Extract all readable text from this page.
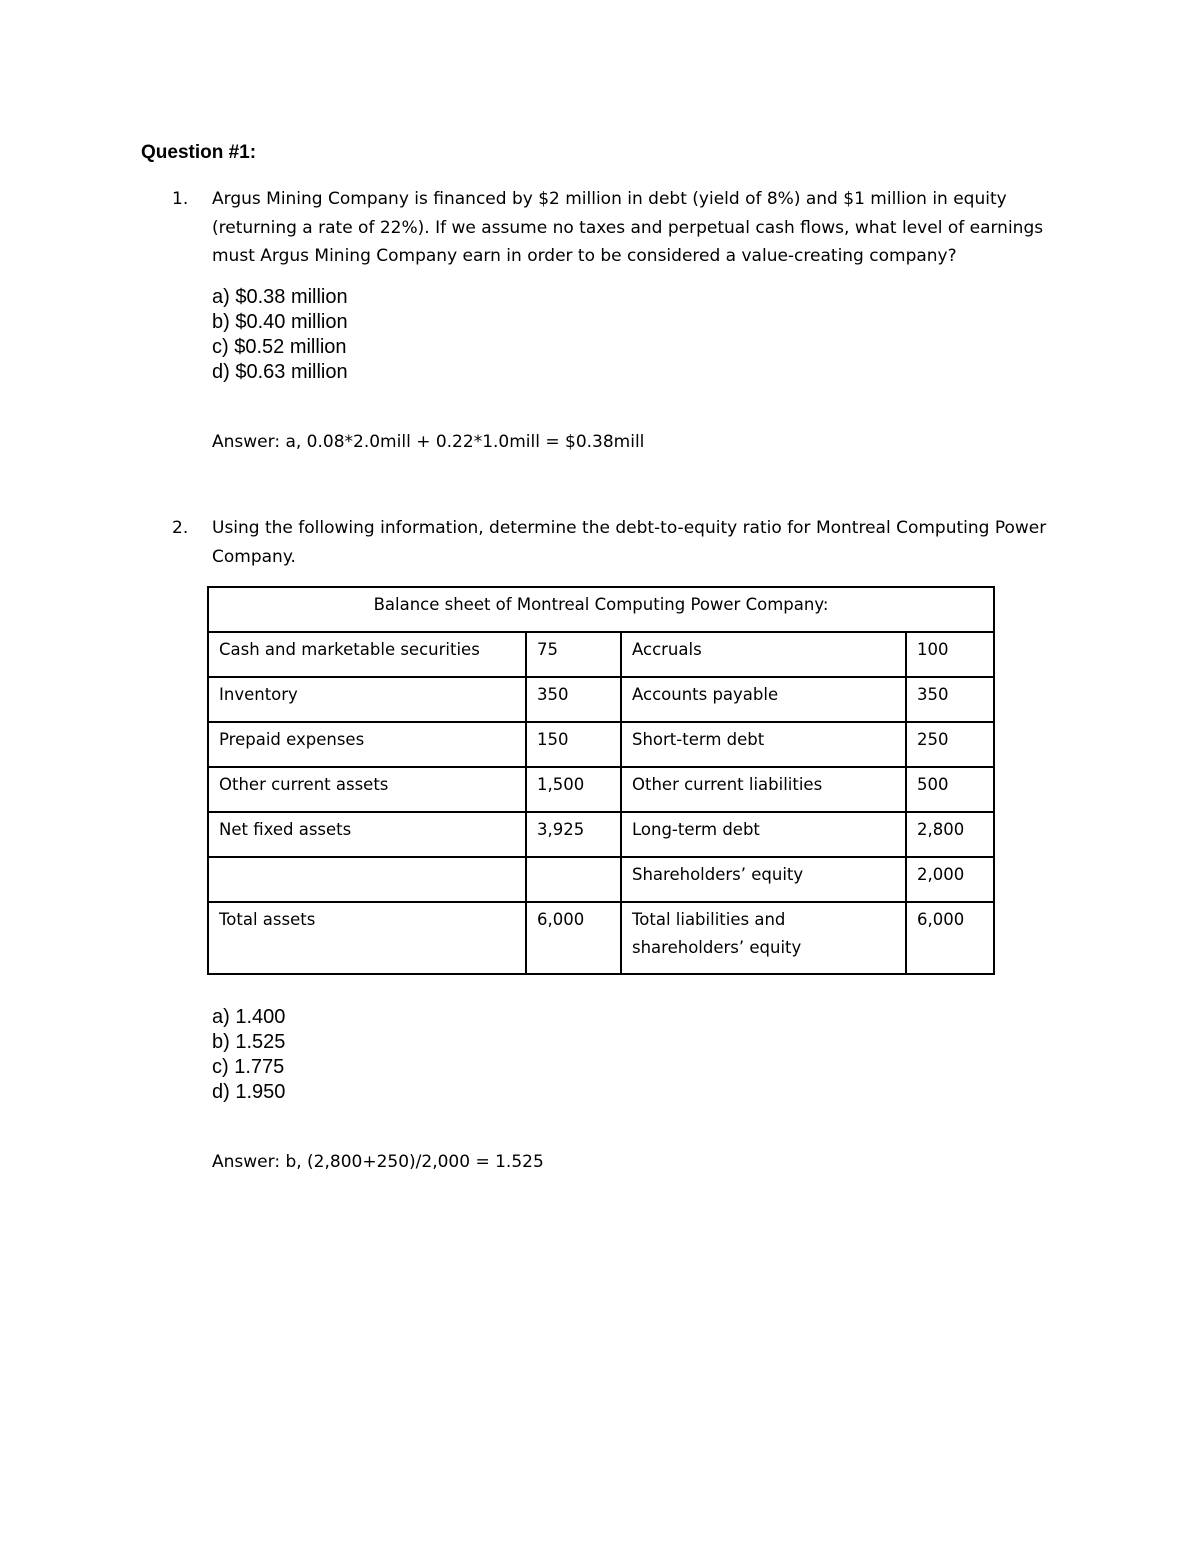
Question #1:
1. Argus Mining Company is financed by $2 million in debt (yield of 8%) and $1 million in equity (returning a rate of 22%). If we assume no taxes and perpetual cash flows, what level of earnings must Argus Mining Company earn in order to be considered a value-creating company?
a) $0.38 million
b) $0.40 million
c) $0.52 million
d) $0.63 million
Answer: a, 0.08*2.0mill + 0.22*1.0mill = $0.38mill
2. Using the following information, determine the debt-to-equity ratio for Montreal Computing Power Company.
Balance sheet of Montreal Computing Power Company:			
Cash and marketable securities	75	Accruals	100
Inventory	350	Accounts payable	350
Prepaid expenses	150	Short-term debt	250
Other current assets	1,500	Other current liabilities	500
Net fixed assets	3,925	Long-term debt	2,800
		Shareholders’ equity	2,000
Total assets	6,000	Total liabilities and shareholders’ equity	6,000
a) 1.400
b) 1.525
c) 1.775
d) 1.950
Answer: b, (2,800+250)/2,000 = 1.525
